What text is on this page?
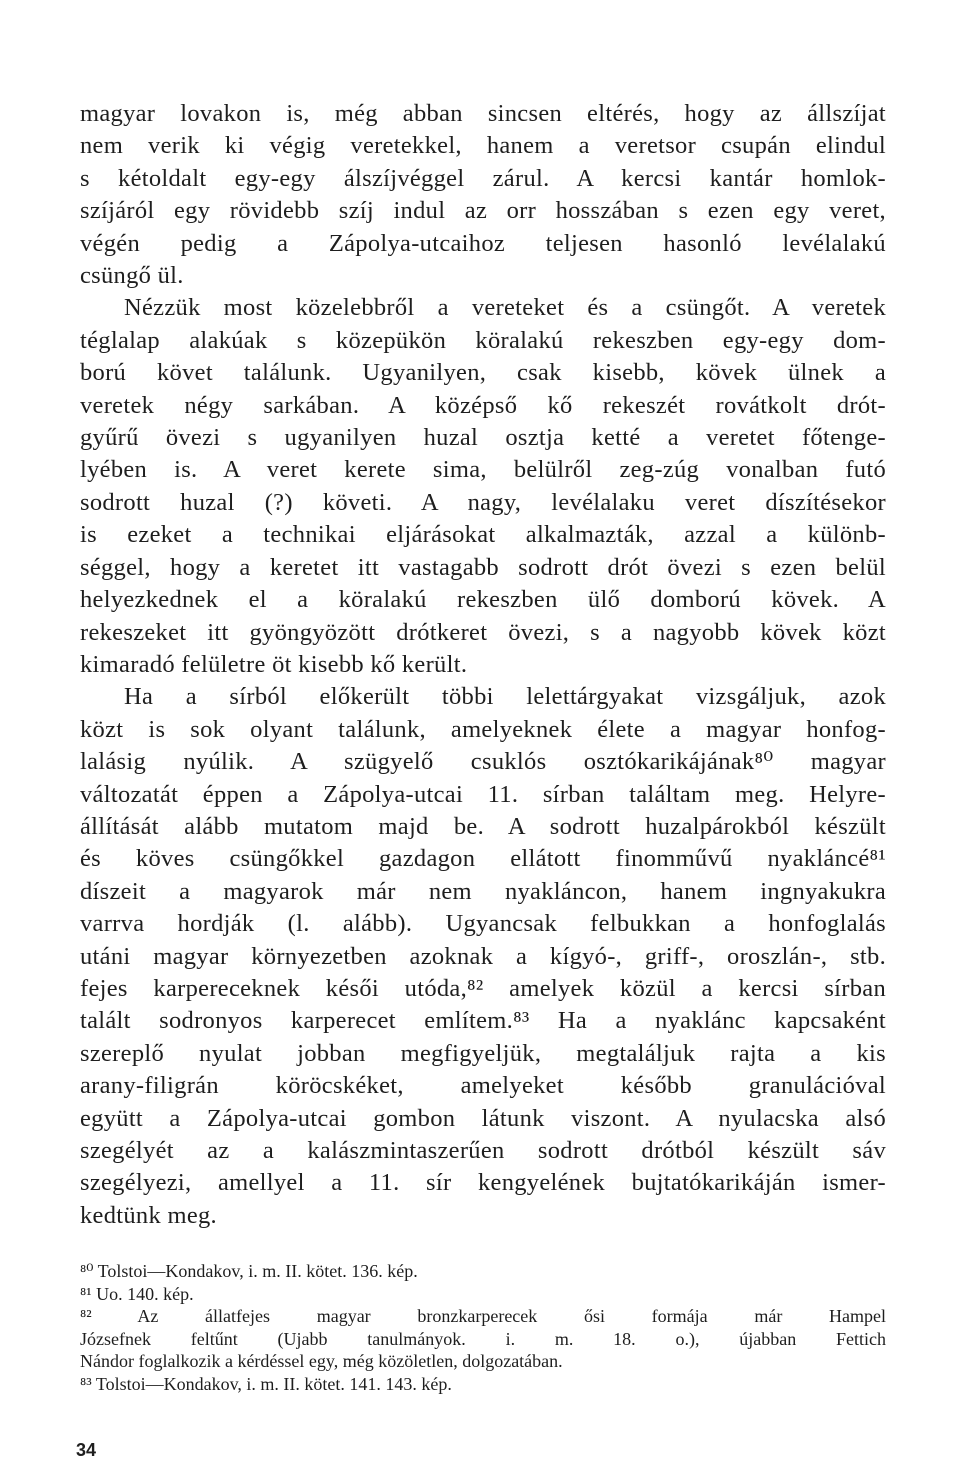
magyar lovakon is, még abban sincsen eltérés, hogy az állszíjat
nem verik ki végig veretekkel, hanem a veretsor csupán elindul
s kétoldalt egy-egy álszíjvéggel zárul. A kercsi kantár homlok-
szíjáról egy rövidebb szíj indul az orr hosszában s ezen egy veret,
végén pedig a Zápolya-utcaihoz teljesen hasonló levélalakú
csüngő ül.
Nézzük most közelebbről a vereteket és a csüngőt. A veretek
téglalap alakúak s közepükön köralakú rekeszben egy-egy dom-
ború követ találunk. Ugyanilyen, csak kisebb, kövek ülnek a
veretek négy sarkában. A középső kő rekeszét rovátkolt drót-
gyűrű övezi s ugyanilyen huzal osztja ketté a veretet főtenge-
lyében is. A veret kerete sima, belülről zeg-zúg vonalban futó
sodrott huzal (?) követi. A nagy, levélalaku veret díszítésekor
is ezeket a technikai eljárásokat alkalmazták, azzal a különb-
séggel, hogy a keretet itt vastagabb sodrott drót övezi s ezen belül
helyezkednek el a köralakú rekeszben ülő domború kövek. A
rekeszeket itt gyöngyözött drótkeret övezi, s a nagyobb kövek közt
kimaradó felületre öt kisebb kő került.
Ha a sírból előkerült többi lelettárgyakat vizsgáljuk, azok
közt is sok olyant találunk, amelyeknek élete a magyar honfog-
lalásig nyúlik. A szügyelő csuklós osztókarikájának⁸⁰ magyar
változatát éppen a Zápolya-utcai 11. sírban találtam meg. Helyre-
állítását alább mutatom majd be. A sodrott huzalpárokból készült
és köves csüngőkkel gazdagon ellátott finomművű nyakláncé⁸¹
díszeit a magyarok már nem nyakláncon, hanem ingnyakukra
varrva hordják (l. alább). Ugyancsak felbukkan a honfoglalás
utáni magyar környezetben azoknak a kígyó-, griff-, oroszlán-, stb.
fejes karpereceknek késői utóda,⁸² amelyek közül a kercsi sírban
talált sodronyos karperecet említem.⁸³ Ha a nyaklánc kapcsaként
szereplő nyulat jobban megfigyeljük, megtaláljuk rajta a kis
arany-filigrán köröcskéket, amelyeket később granulációval
együtt a Zápolya-utcai gombon látunk viszont. A nyulacska alsó
szegélyét az a kalászmintaszerűen sodrott drótból készült sáv
szegélyezi, amellyel a 11. sír kengyelének bujtatókarikáján ismer-
kedtünk meg.
⁸⁰ Tolstoi—Kondakov, i. m. II. kötet. 136. kép.
⁸¹ Uo. 140. kép.
⁸² Az állatfejes magyar bronzkarperecek ősi formája már Hampel
Józsefnek feltűnt (Ujabb tanulmányok. i. m. 18. o.), újabban Fettich
Nándor foglalkozik a kérdéssel egy, még közöletlen, dolgozatában.
⁸³ Tolstoi—Kondakov, i. m. II. kötet. 141. 143. kép.
34
